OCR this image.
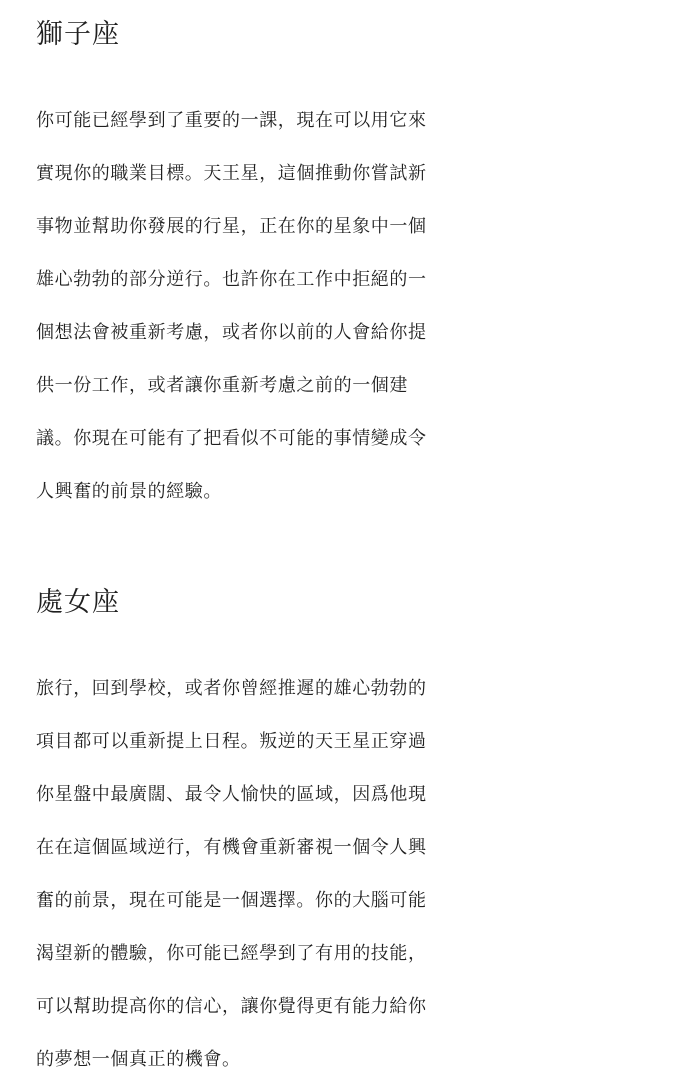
獅子座
你可能已經學到了重要的一課，現在可以用它來
實現你的職業目標。天王星，這個推動你嘗試新
事物並幫助你發展的行星，正在你的星象中一個
雄心勃勃的部分逆行。也許你在工作中拒絕的一
個想法會被重新考慮，或者你以前的人會給你提
供一份工作，或者讓你重新考慮之前的一個建
議。你現在可能有了把看似不可能的事情變成令
人興奮的前景的經驗。
處女座
旅行，回到學校，或者你曾經推遲的雄心勃勃的
項目都可以重新提上日程。叛逆的天王星正穿過
你星盤中最廣闊、最令人愉快的區域，因爲他現
在在這個區域逆行，有機會重新審視一個令人興
奮的前景，現在可能是一個選擇。你的大腦可能
渴望新的體驗，你可能已經學到了有用的技能，
可以幫助提高你的信心，讓你覺得更有能力給你
的夢想一個真正的機會。
